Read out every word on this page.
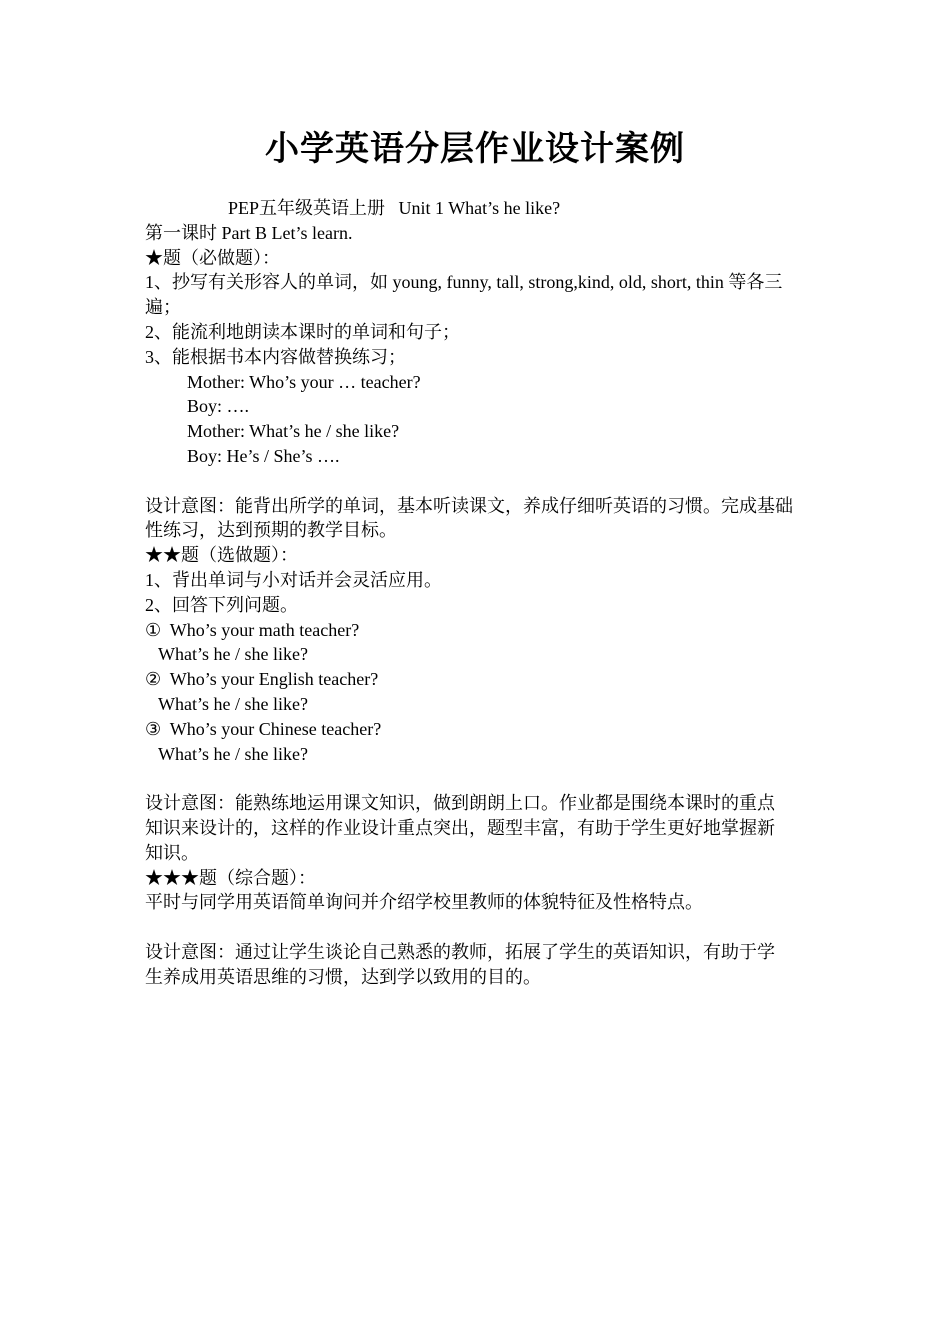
小学英语分层作业设计案例
PEP五年级英语上册   Unit 1 What’s he like?
第一课时 Part B Let’s learn.
★题（必做题）：
1、抄写有关形容人的单词，如 young, funny, tall, strong,kind, old, short, thin 等各三
遍；
2、能流利地朗读本课时的单词和句子；
3、能根据书本内容做替换练习；
Mother: Who’s your … teacher?
Boy: ….
Mother: What’s he / she like?
Boy: He’s / She’s ….
设计意图：能背出所学的单词，基本听读课文，养成仔细听英语的习惯。完成基础
性练习，达到预期的教学目标。
★★题（选做题）：
1、背出单词与小对话并会灵活应用。
2、回答下列问题。
①  Who’s your math teacher?
What’s he / she like?
②  Who’s your English teacher?
What’s he / she like?
③  Who’s your Chinese teacher?
What’s he / she like?
设计意图：能熟练地运用课文知识，做到朗朗上口。作业都是围绕本课时的重点
知识来设计的，这样的作业设计重点突出，题型丰富，有助于学生更好地掌握新
知识。
★★★题（综合题）：
平时与同学用英语简单询问并介绍学校里教师的体貌特征及性格特点。
设计意图：通过让学生谈论自己熟悉的教师，拓展了学生的英语知识，有助于学
生养成用英语思维的习惯，达到学以致用的目的。
